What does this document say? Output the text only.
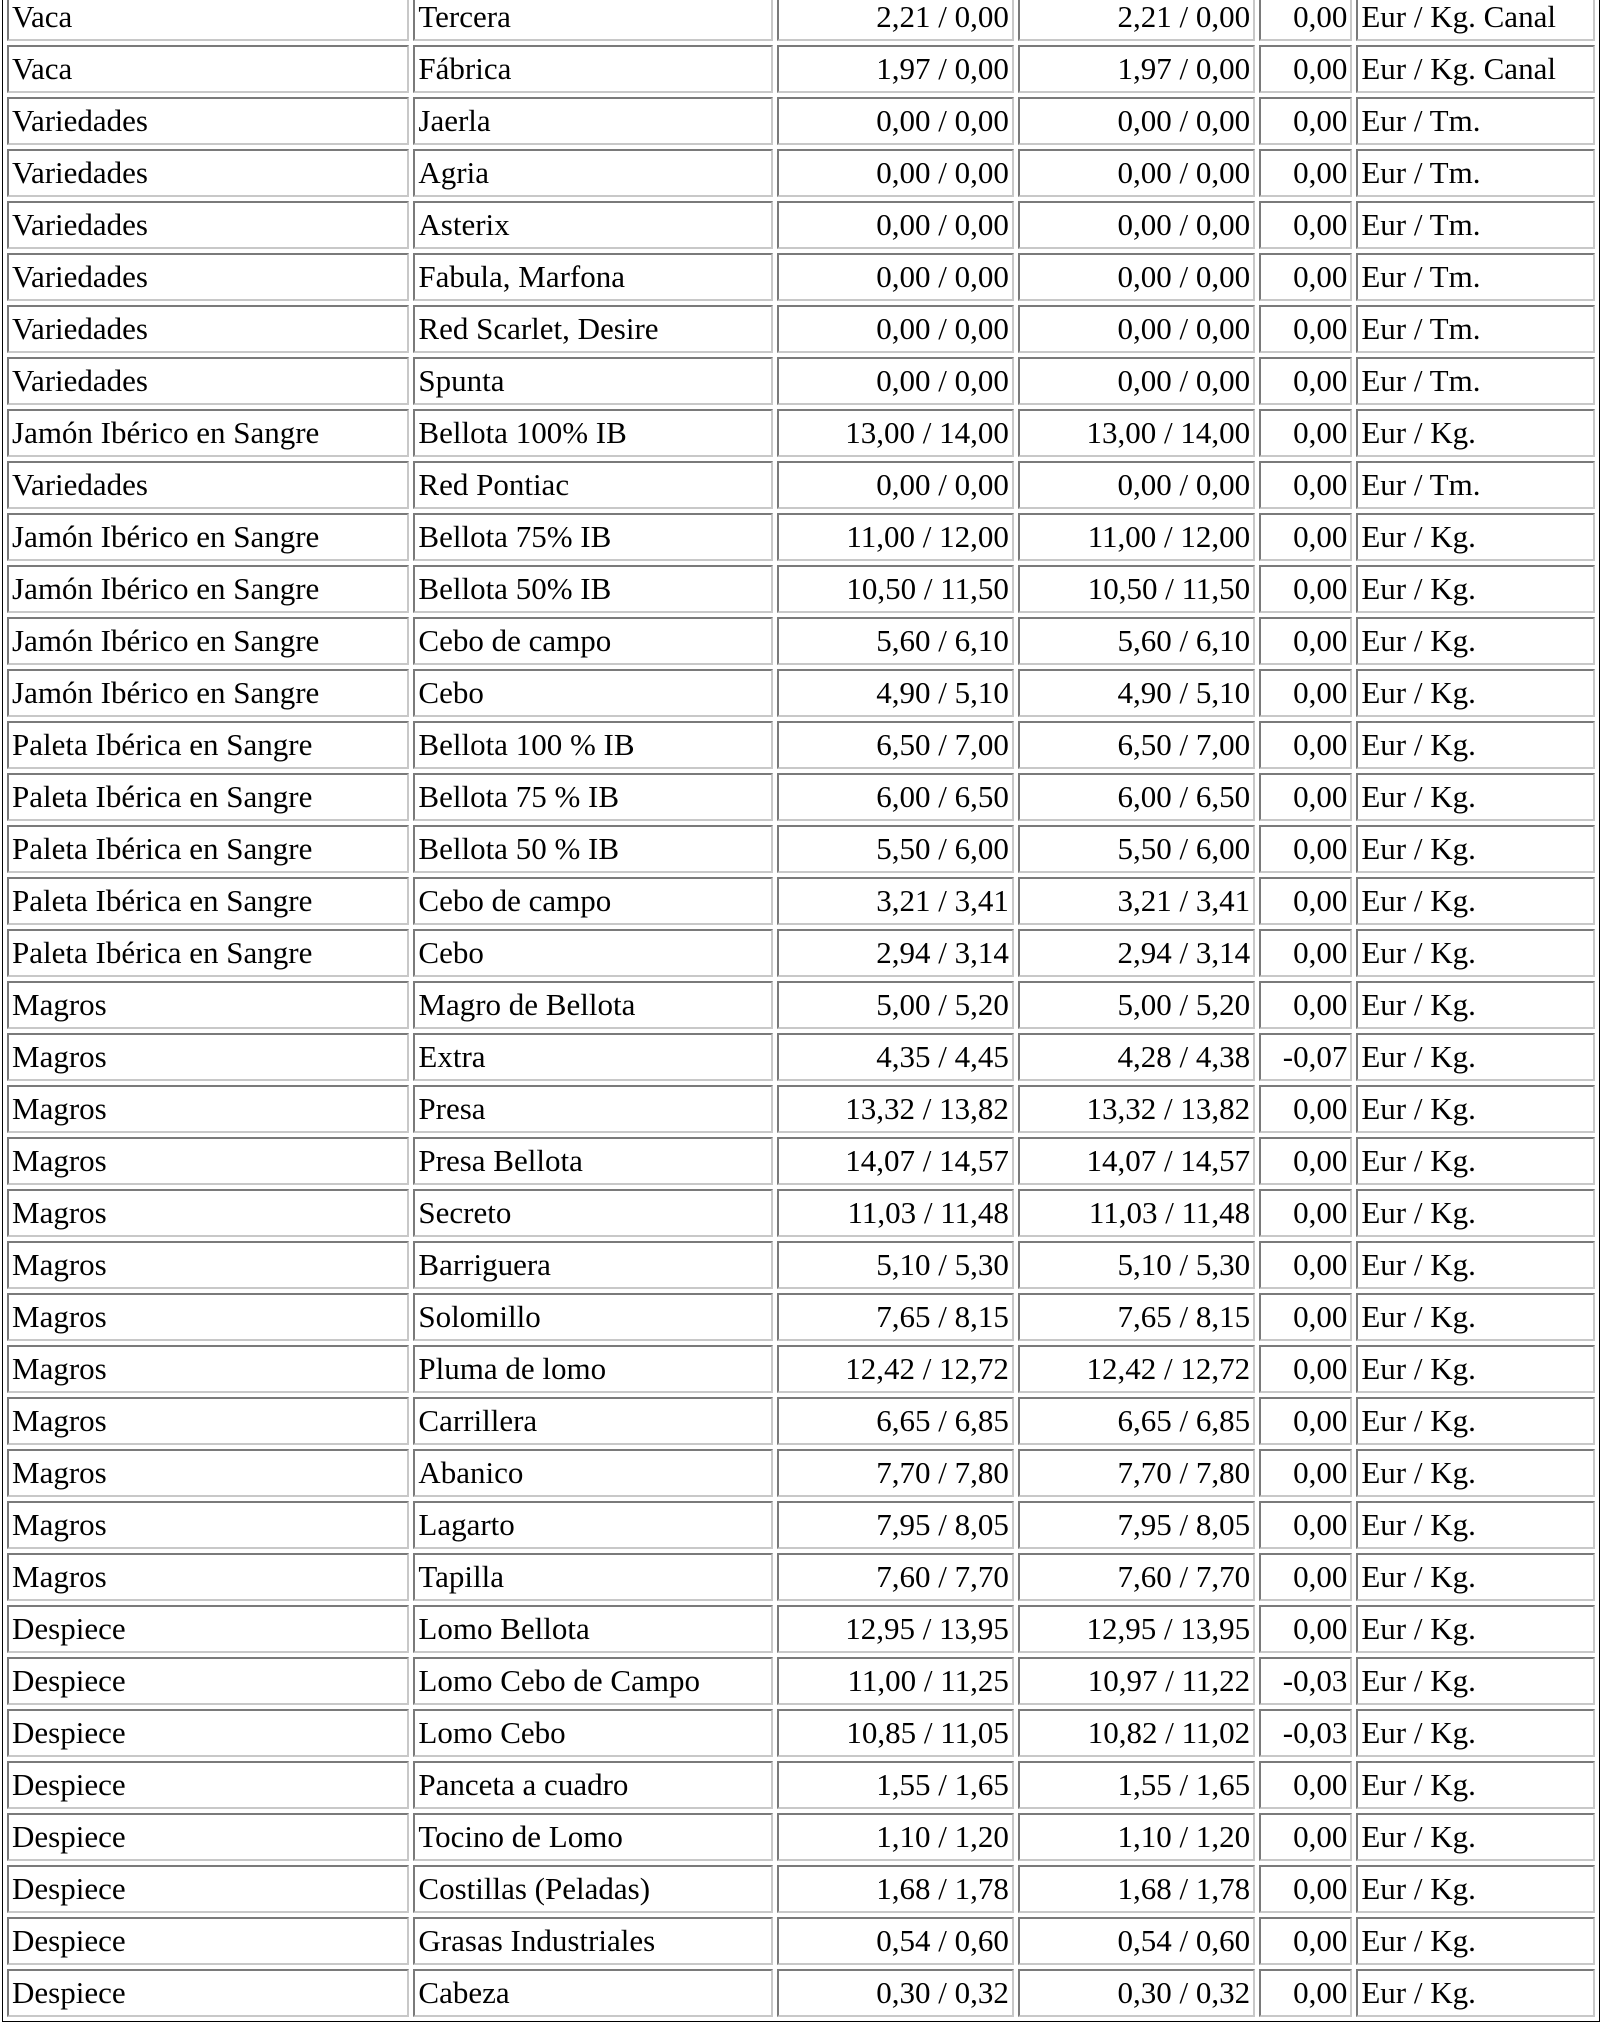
Vaca	Tercera	2,21 / 0,00	2,21 / 0,00	0,00	Eur / Kg. Canal
Vaca	Fábrica	1,97 / 0,00	1,97 / 0,00	0,00	Eur / Kg. Canal
Variedades	Jaerla	0,00 / 0,00	0,00 / 0,00	0,00	Eur / Tm.
Variedades	Agria	0,00 / 0,00	0,00 / 0,00	0,00	Eur / Tm.
Variedades	Asterix	0,00 / 0,00	0,00 / 0,00	0,00	Eur / Tm.
Variedades	Fabula, Marfona	0,00 / 0,00	0,00 / 0,00	0,00	Eur / Tm.
Variedades	Red Scarlet, Desire	0,00 / 0,00	0,00 / 0,00	0,00	Eur / Tm.
Variedades	Spunta	0,00 / 0,00	0,00 / 0,00	0,00	Eur / Tm.
Jamón Ibérico en Sangre	Bellota 100% IB	13,00 / 14,00	13,00 / 14,00	0,00	Eur / Kg.
Variedades	Red Pontiac	0,00 / 0,00	0,00 / 0,00	0,00	Eur / Tm.
Jamón Ibérico en Sangre	Bellota 75% IB	11,00 / 12,00	11,00 / 12,00	0,00	Eur / Kg.
Jamón Ibérico en Sangre	Bellota 50% IB	10,50 / 11,50	10,50 / 11,50	0,00	Eur / Kg.
Jamón Ibérico en Sangre	Cebo de campo	5,60 / 6,10	5,60 / 6,10	0,00	Eur / Kg.
Jamón Ibérico en Sangre	Cebo	4,90 / 5,10	4,90 / 5,10	0,00	Eur / Kg.
Paleta Ibérica en Sangre	Bellota 100 % IB	6,50 / 7,00	6,50 / 7,00	0,00	Eur / Kg.
Paleta Ibérica en Sangre	Bellota 75 % IB	6,00 / 6,50	6,00 / 6,50	0,00	Eur / Kg.
Paleta Ibérica en Sangre	Bellota 50 % IB	5,50 / 6,00	5,50 / 6,00	0,00	Eur / Kg.
Paleta Ibérica en Sangre	Cebo de campo	3,21 / 3,41	3,21 / 3,41	0,00	Eur / Kg.
Paleta Ibérica en Sangre	Cebo	2,94 / 3,14	2,94 / 3,14	0,00	Eur / Kg.
Magros	Magro de Bellota	5,00 / 5,20	5,00 / 5,20	0,00	Eur / Kg.
Magros	Extra	4,35 / 4,45	4,28 / 4,38	-0,07	Eur / Kg.
Magros	Presa	13,32 / 13,82	13,32 / 13,82	0,00	Eur / Kg.
Magros	Presa Bellota	14,07 / 14,57	14,07 / 14,57	0,00	Eur / Kg.
Magros	Secreto	11,03 / 11,48	11,03 / 11,48	0,00	Eur / Kg.
Magros	Barriguera	5,10 / 5,30	5,10 / 5,30	0,00	Eur / Kg.
Magros	Solomillo	7,65 / 8,15	7,65 / 8,15	0,00	Eur / Kg.
Magros	Pluma de lomo	12,42 / 12,72	12,42 / 12,72	0,00	Eur / Kg.
Magros	Carrillera	6,65 / 6,85	6,65 / 6,85	0,00	Eur / Kg.
Magros	Abanico	7,70 / 7,80	7,70 / 7,80	0,00	Eur / Kg.
Magros	Lagarto	7,95 / 8,05	7,95 / 8,05	0,00	Eur / Kg.
Magros	Tapilla	7,60 / 7,70	7,60 / 7,70	0,00	Eur / Kg.
Despiece	Lomo Bellota	12,95 / 13,95	12,95 / 13,95	0,00	Eur / Kg.
Despiece	Lomo Cebo de Campo	11,00 / 11,25	10,97 / 11,22	-0,03	Eur / Kg.
Despiece	Lomo Cebo	10,85 / 11,05	10,82 / 11,02	-0,03	Eur / Kg.
Despiece	Panceta a cuadro	1,55 / 1,65	1,55 / 1,65	0,00	Eur / Kg.
Despiece	Tocino de Lomo	1,10 / 1,20	1,10 / 1,20	0,00	Eur / Kg.
Despiece	Costillas (Peladas)	1,68 / 1,78	1,68 / 1,78	0,00	Eur / Kg.
Despiece	Grasas Industriales	0,54 / 0,60	0,54 / 0,60	0,00	Eur / Kg.
Despiece	Cabeza	0,30 / 0,32	0,30 / 0,32	0,00	Eur / Kg.
